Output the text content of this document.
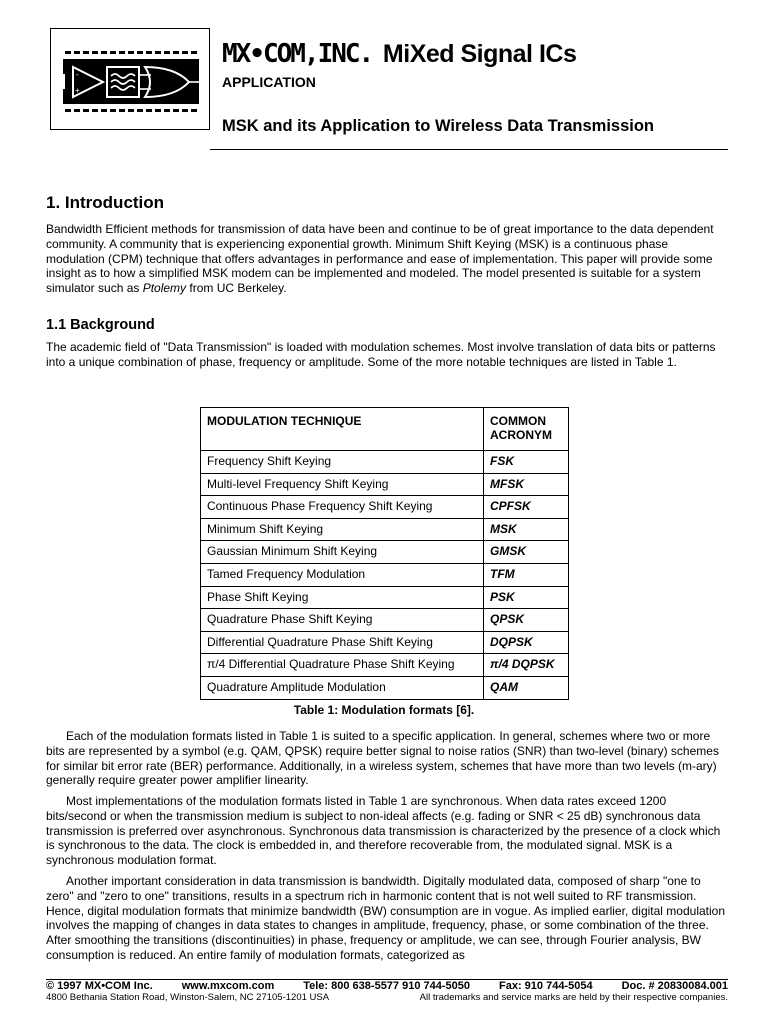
-
+
MX•COM,INC. MiXed Signal ICs
APPLICATION
MSK and its Application to Wireless Data Transmission
1. Introduction

Bandwidth Efficient methods for transmission of data have been and continue to be of great importance to the data dependent community. A community that is experiencing exponential growth. Minimum Shift Keying (MSK) is a continuous phase modulation (CPM) technique that offers advantages in performance and ease of implementation. This paper will provide some insight as to how a simplified MSK modem can be implemented and modeled. The model presented is suitable for a system simulator such as Ptolemy from UC Berkeley.

1.1 Background

The academic field of "Data Transmission" is loaded with modulation schemes. Most involve translation of data bits or patterns into a unique combination of phase, frequency or amplitude. Some of the more notable techniques are listed in Table 1.

MODULATION TECHNIQUE	COMMON
ACRONYM
Frequency Shift Keying	FSK
Multi-level Frequency Shift Keying	MFSK
Continuous Phase Frequency Shift Keying	CPFSK
Minimum Shift Keying	MSK
Gaussian Minimum Shift Keying	GMSK
Tamed Frequency Modulation	TFM
Phase Shift Keying	PSK
Quadrature Phase Shift Keying	QPSK
Differential Quadrature Phase Shift Keying	DQPSK
π/4 Differential Quadrature Phase Shift Keying	π/4 DQPSK
Quadrature Amplitude Modulation	QAM
Table 1: Modulation formats [6].

Each of the modulation formats listed in Table 1 is suited to a specific application. In general, schemes where two or more bits are represented by a symbol (e.g. QAM, QPSK) require better signal to noise ratios (SNR) than two-level (binary) schemes for similar bit error rate (BER) performance. Additionally, in a wireless system, schemes that have more than two levels (m-ary) generally require greater power amplifier linearity.

Most implementations of the modulation formats listed in Table 1 are synchronous. When data rates exceed 1200 bits/second or when the transmission medium is subject to non-ideal affects (e.g. fading or SNR < 25 dB) synchronous data transmission is preferred over asynchronous. Synchronous data transmission is characterized by the presence of a clock which is synchronous to the data. The clock is embedded in, and therefore recoverable from, the modulated signal. MSK is a synchronous modulation format.

Another important consideration in data transmission is bandwidth. Digitally modulated data, composed of sharp "one to zero" and "zero to one" transitions, results in a spectrum rich in harmonic content that is not well suited to RF transmission. Hence, digital modulation formats that minimize bandwidth (BW) consumption are in vogue. As implied earlier, digital modulation involves the mapping of changes in data states to changes in amplitude, frequency, phase, or some combination of the three. After smoothing the transitions (discontinuities) in phase, frequency or amplitude, we can see, through Fourier analysis, BW consumption is reduced. An entire family of modulation formats, categorized as

© 1997 MX•COM Inc.	www.mxcom.com	Tele: 800 638-5577 910 744-5050	Fax: 910 744-5054	Doc. # 20830084.001
4800 Bethania Station Road, Winston-Salem, NC 27105-1201 USA	All trademarks and service marks are held by their respective companies.
